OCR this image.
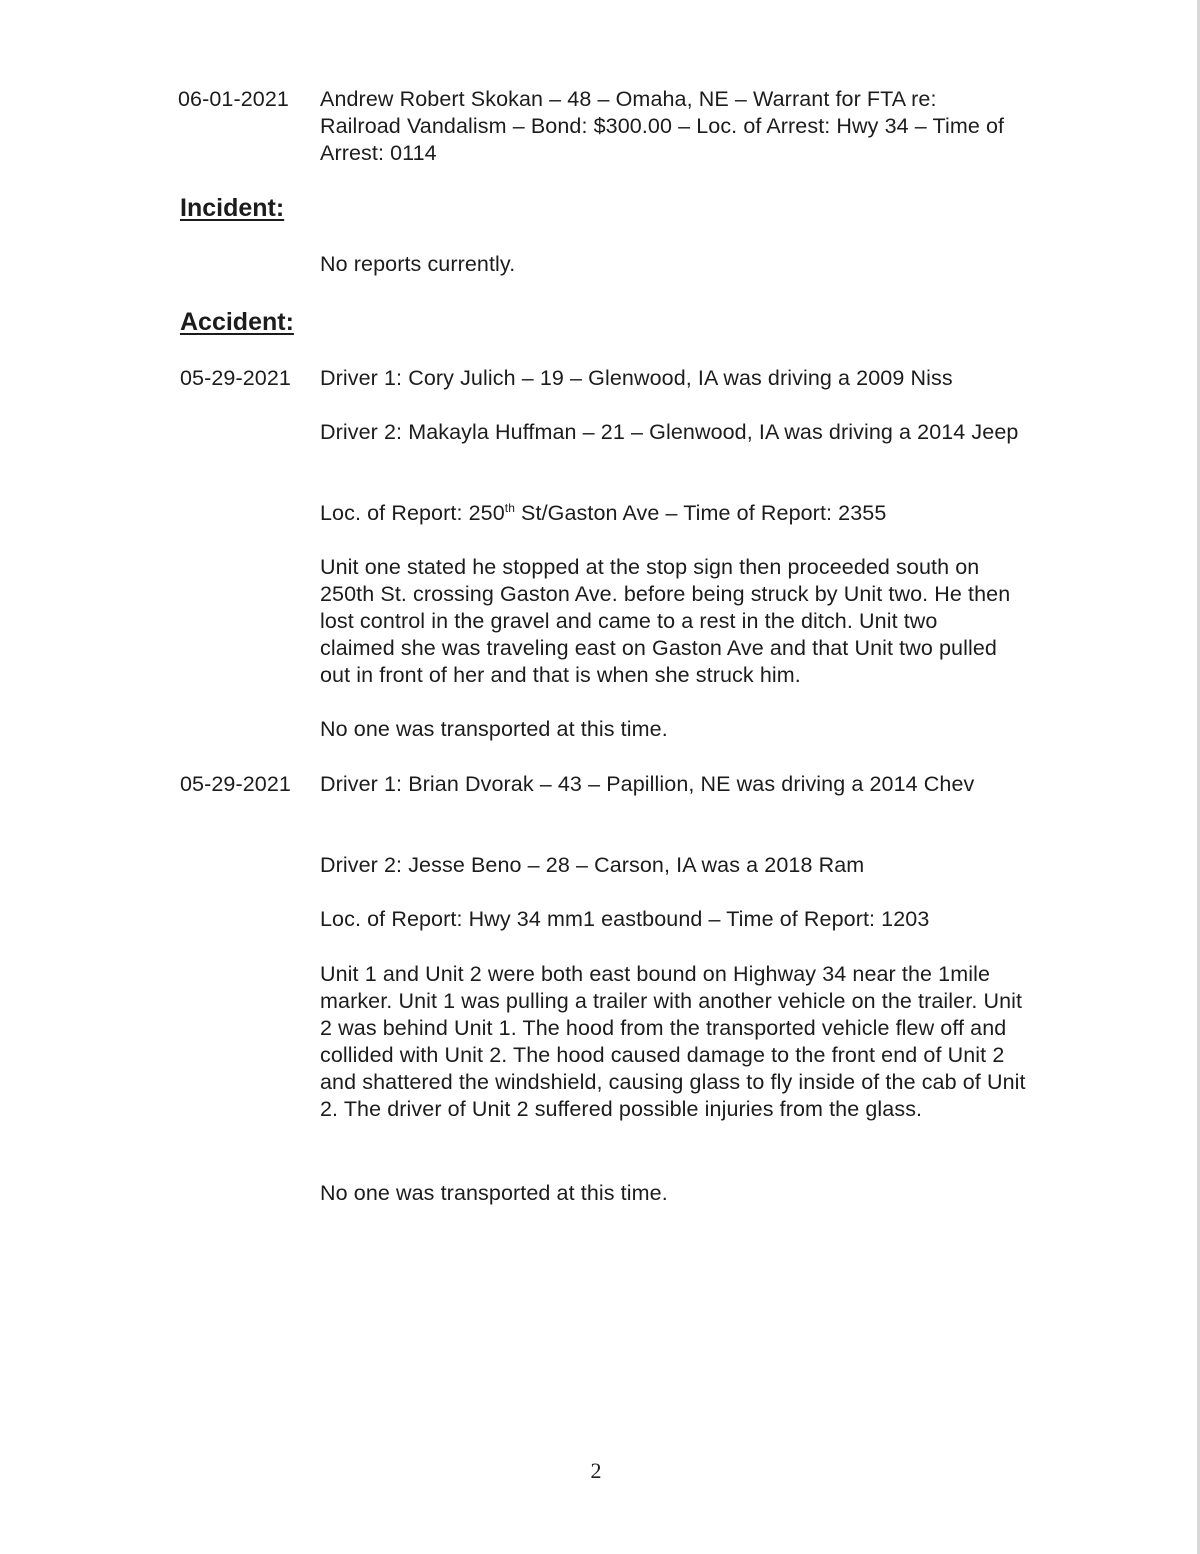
06-01-2021 Andrew Robert Skokan – 48 – Omaha, NE – Warrant for FTA re: Railroad Vandalism – Bond: $300.00 – Loc. of Arrest: Hwy 34 – Time of Arrest: 0114

Incident:

No reports currently.

Accident:
05-29-2021 Driver 1: Cory Julich – 19 – Glenwood, IA was driving a 2009 Niss

Driver 2: Makayla Huffman – 21 – Glenwood, IA was driving a 2014 Jeep

Loc. of Report: 250th St/Gaston Ave – Time of Report: 2355

Unit one stated he stopped at the stop sign then proceeded south on 250th St. crossing Gaston Ave. before being struck by Unit two. He then lost control in the gravel and came to a rest in the ditch. Unit two claimed she was traveling east on Gaston Ave and that Unit two pulled out in front of her and that is when she struck him.

No one was transported at this time.

05-29-2021 Driver 1: Brian Dvorak – 43 – Papillion, NE was driving a 2014 Chev

Driver 2: Jesse Beno – 28 – Carson, IA was a 2018 Ram

Loc. of Report: Hwy 34 mm1 eastbound – Time of Report: 1203

Unit 1 and Unit 2 were both east bound on Highway 34 near the 1mile marker. Unit 1 was pulling a trailer with another vehicle on the trailer. Unit 2 was behind Unit 1. The hood from the transported vehicle flew off and collided with Unit 2. The hood caused damage to the front end of Unit 2 and shattered the windshield, causing glass to fly inside of the cab of Unit 2. The driver of Unit 2 suffered possible injuries from the glass.

No one was transported at this time.

2
